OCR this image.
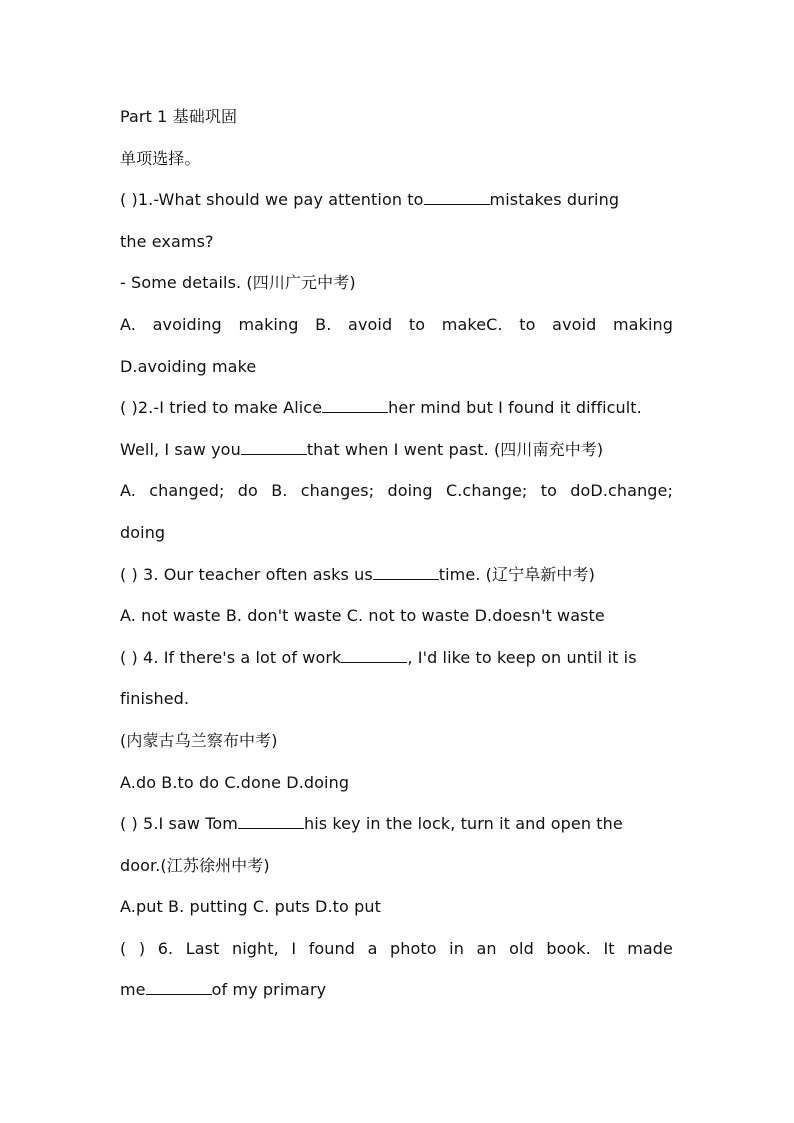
Part 1 基础巩固
单项选择。
( )1.-What should we pay attention to	mistakes during
the exams?
- Some details. (四川广元中考)
A. avoiding making B. avoid to makeC. to avoid making
D.avoiding make
( )2.-I tried to make Alice	her mind but I found it difficult.
Well, I saw you	that when I went past. (四川南充中考)
A. changed; do B. changes; doing C.change; to doD.change;
doing
( ) 3. Our teacher often asks us	time. (辽宁阜新中考)
A. not waste B. don't waste C. not to waste D.doesn't waste
( ) 4. If there's a lot of work	, I'd like to keep on until it is
finished.
(内蒙古乌兰察布中考)
A.do B.to do C.done D.doing
( ) 5.I saw Tom	his key in the lock, turn it and open the
door.(江苏徐州中考)
A.put B. putting C. puts D.to put
( ) 6. Last night, I found a photo in an old book. It made
me	of my primary
